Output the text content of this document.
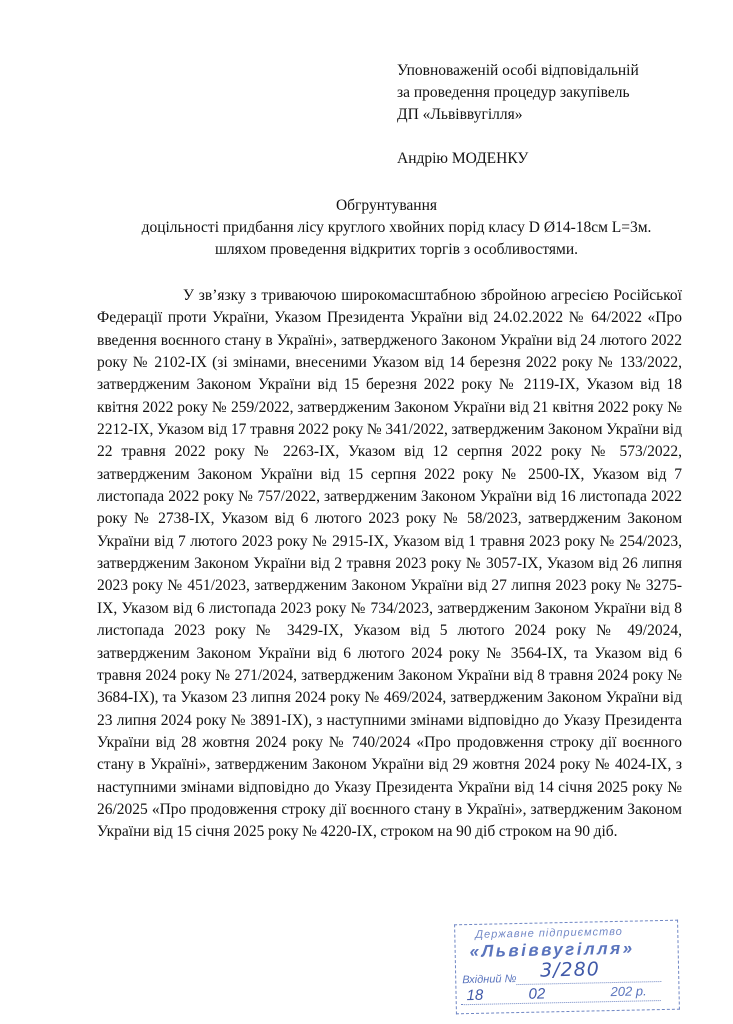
Уповноваженій особі відповідальній
за проведення процедур закупівель
ДП «Львіввугілля»
Андрію МОДЕНКУ
Обгрунтування
доцільності придбання лісу круглого хвойних порід класу D Ø14-18см L=3м.
шляхом проведення відкритих торгів з особливостями.
У зв’язку з триваючою широкомасштабною збройною агресією Російської Федерації проти України, Указом Президента України від 24.02.2022 № 64/2022 «Про введення воєнного стану в Україні», затвердженого Законом України від 24 лютого 2022 року № 2102-IX (зі змінами, внесеними Указом від 14 березня 2022 року № 133/2022, затвердженим Законом України від 15 березня 2022 року № 2119-IX, Указом від 18 квітня 2022 року № 259/2022, затвердженим Законом України від 21 квітня 2022 року № 2212-IX, Указом від 17 травня 2022 року № 341/2022, затвердженим Законом України від 22 травня 2022 року № 2263-IX, Указом від 12 серпня 2022 року № 573/2022, затвердженим Законом України від 15 серпня 2022 року № 2500-IX, Указом від 7 листопада 2022 року № 757/2022, затвердженим Законом України від 16 листопада 2022 року № 2738-IX, Указом від 6 лютого 2023 року № 58/2023, затвердженим Законом України від 7 лютого 2023 року № 2915-IX, Указом від 1 травня 2023 року № 254/2023, затвердженим Законом України від 2 травня 2023 року № 3057-IX, Указом від 26 липня 2023 року № 451/2023, затвердженим Законом України від 27 липня 2023 року № 3275-IX, Указом від 6 листопада 2023 року № 734/2023, затвердженим Законом України від 8 листопада 2023 року № 3429-IX, Указом від 5 лютого 2024 року № 49/2024, затвердженим Законом України від 6 лютого 2024 року № 3564-IX, та Указом від 6 травня 2024 року № 271/2024, затвердженим Законом України від 8 травня 2024 року № 3684-IX), та Указом 23 липня 2024 року № 469/2024, затвердженим Законом України від 23 липня 2024 року № 3891-IX), з наступними змінами відповідно до Указу Президента України від 28 жовтня 2024 року № 740/2024 «Про продовження строку дії воєнного стану в Україні», затвердженим Законом України від 29 жовтня 2024 року № 4024-IX, з наступними змінами відповідно до Указу Президента України від 14 січня 2025 року № 26/2025 «Про продовження строку дії воєнного стану в Україні», затвердженим Законом України від 15 січня 2025 року № 4220-IX, строком на 90 діб строком на 90 діб.
Державне підприємство
«Львіввугілля»
Вхідний № 3/280
18	02	202 р.
